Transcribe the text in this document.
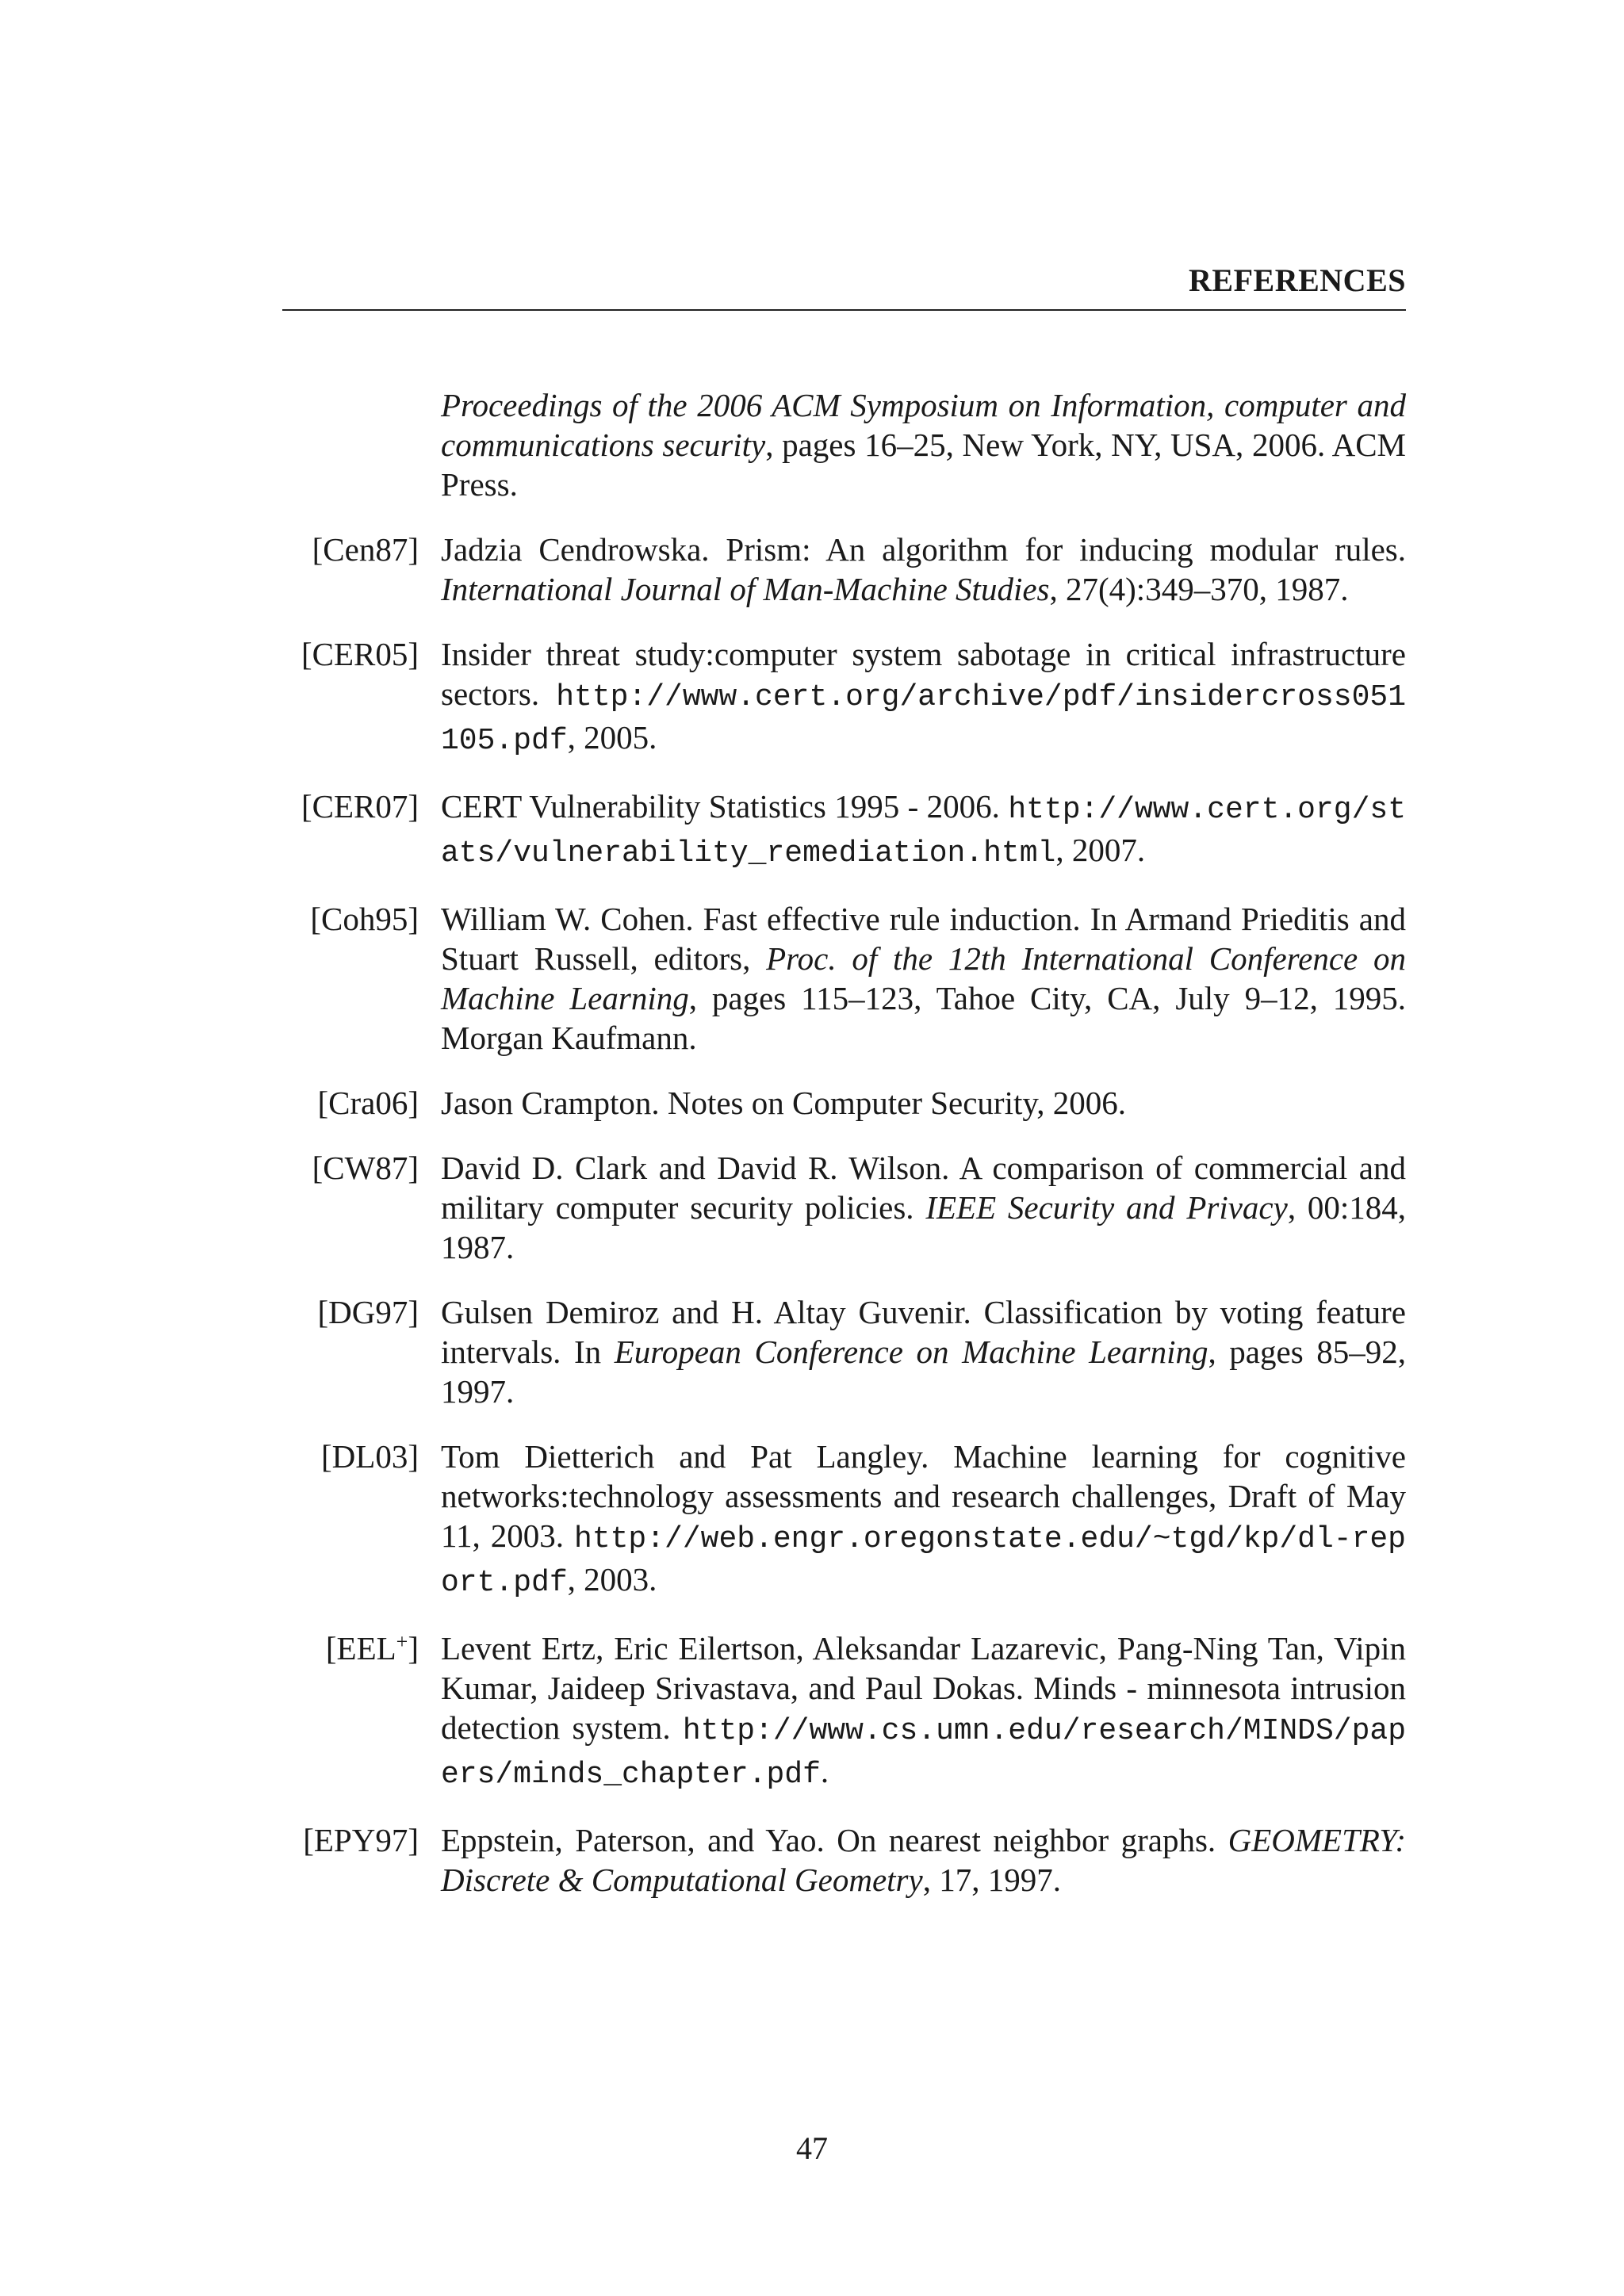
REFERENCES
Proceedings of the 2006 ACM Symposium on Information, computer and communications security, pages 16–25, New York, NY, USA, 2006. ACM Press.
[Cen87] Jadzia Cendrowska. Prism: An algorithm for inducing modular rules. International Journal of Man-Machine Studies, 27(4):349–370, 1987.
[CER05] Insider threat study:computer system sabotage in critical infrastructure sectors. http://www.cert.org/archive/pdf/insidercross051105.pdf, 2005.
[CER07] CERT Vulnerability Statistics 1995 - 2006. http://www.cert.org/stats/vulnerability_remediation.html, 2007.
[Coh95] William W. Cohen. Fast effective rule induction. In Armand Prieditis and Stuart Russell, editors, Proc. of the 12th International Conference on Machine Learning, pages 115–123, Tahoe City, CA, July 9–12, 1995. Morgan Kaufmann.
[Cra06] Jason Crampton. Notes on Computer Security, 2006.
[CW87] David D. Clark and David R. Wilson. A comparison of commercial and military computer security policies. IEEE Security and Privacy, 00:184, 1987.
[DG97] Gulsen Demiroz and H. Altay Guvenir. Classification by voting feature intervals. In European Conference on Machine Learning, pages 85–92, 1997.
[DL03] Tom Dietterich and Pat Langley. Machine learning for cognitive networks:technology assessments and research challenges, Draft of May 11, 2003. http://web.engr.oregonstate.edu/~tgd/kp/dl-report.pdf, 2003.
[EEL+] Levent Ertz, Eric Eilertson, Aleksandar Lazarevic, Pang-Ning Tan, Vipin Kumar, Jaideep Srivastava, and Paul Dokas. Minds - minnesota intrusion detection system. http://www.cs.umn.edu/research/MINDS/papers/minds_chapter.pdf.
[EPY97] Eppstein, Paterson, and Yao. On nearest neighbor graphs. GEOMETRY: Discrete & Computational Geometry, 17, 1997.
47
